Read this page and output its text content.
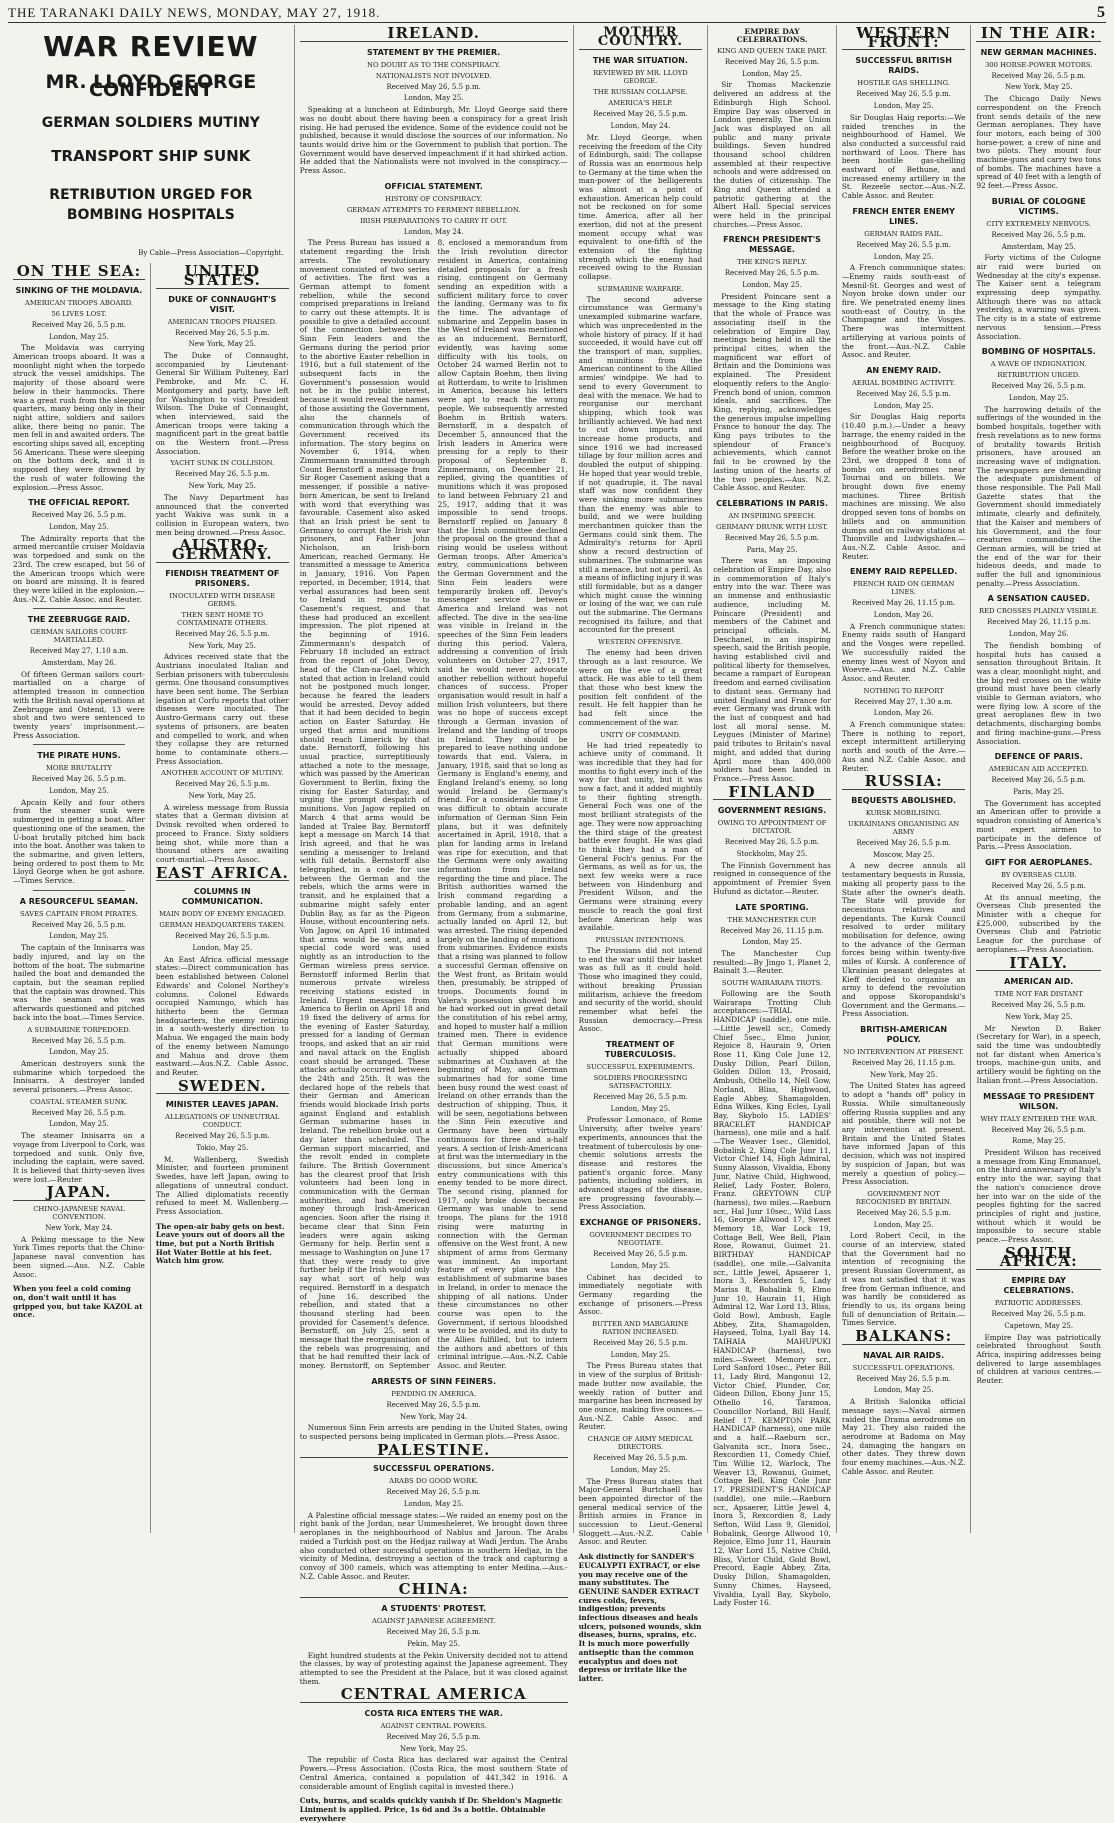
THE TARANAKI DAILY NEWS, MONDAY, MAY 27, 1918.	5
WAR REVIEW
MR. LLOYD GEORGE CONFIDENT
GERMAN SOLDIERS MUTINY
TRANSPORT SHIP SUNK
RETRIBUTION URGED FOR BOMBING HOSPITALS
By Cable—Press Association—Copyright.
ON THE SEA:
SINKING OF THE MOLDAVIA.
AMERICAN TROOPS ABOARD.
56 LIVES LOST.
Received May 26, 5.5 p.m.
London, May 25.

The Moldavia was carrying American troops aboard. It was a moonlight night when the torpedo struck the vessel amidships. The majority of those aboard were below in their hammocks. There was a great rush from the sleeping quarters, many being only in their night attire, soldiers and sailors alike, there being no panic. The men fell in and awaited orders. The escorting ships saved all, excepting 56 Americans. These were sleeping on the bottom deck, and it is supposed they were drowned by the rush of water following the explosion.—Press Assoc.

THE OFFICIAL REPORT.
Received May 26, 5.5 p.m.
London, May 25.

The Admiralty reports that the armed mercantile cruiser Moldavia was torpedoed and sunk on the 23rd. The crew escaped, but 56 of the American troops which were on board are missing. It is feared they were killed in the explosion.—Aus.-N.Z. Cable Assoc. and Reuter.

THE ZEEBRUGGE RAID.
GERMAN SAILORS COURT-MARTIALLED.
Received May 27, 1.10 a.m.
Amsterdam, May 26.

Of fifteen German sailors court-martialled on a charge of attempted treason in connection with the British naval operations at Zeebrugge and Ostend, 13 were shot and two were sentenced to twenty years' imprisonment.—Press Association.

THE PIRATE HUNS.
MORE BRUTALITY
Received May 26, 5.5 p.m.
London, May 25.

Apcain Kelly and four others from the steamer sunk were submerged in getting a boat. After questioning one of the seamen, the U-boat brutally pitched him back into the boat. Another was taken to the submarine, and given letters, being ordered to post them to Mr. Lloyd George when he got ashore.—Times Service.

A RESOURCEFUL SEAMAN.
SAVES CAPTAIN FROM PIRATES.
Received May 26, 5.5 p.m.
London, May 25.

The captain of the Innisarra was badly injured, and lay on the bottom of the boat. The submarine hailed the boat and demanded the captain, but the seaman replied that the captain was drowned. This was the seaman who was afterwards questioned and pitched back into the boat.—Times Service.

A SUBMARINE TORPEDOED.
Received May 26, 5.5 p.m.
London, May 25.

American destroyers sunk the submarine which torpedoed the Innisarra. A destroyer landed several prisoners.—Press Assoc.

COASTAL STEAMER SUNK.
Received May 26, 5.5 p.m.
London, May 25.

The steamer Innisarra on a voyage from Liverpool to Cork, was torpedoed and sunk. Only five, including the captain, were saved. It is believed that thirty-seven lives were lost.—Reuter

JAPAN.
CHINO-JAPANESE NAVAL CONVENTION.
New York, May 24.

A Peking message to the New York Times reports that the Chino-Japanese naval convention has been signed.—Aus. N.Z. Cable Assoc.

When you feel a cold coming on, don't wait until it has gripped you, but take KAZOL at once.
UNITED STATES.
DUKE OF CONNAUGHT'S VISIT.
AMERICAN TROOPS PRAISED.
Received May 26, 5.5 p.m.
New York, May 25.

The Duke of Connaught, accompanied by Lieutenant-General Sir William Pulteney, Earl Pembroke, and Mr. C. H. Montgomery and party, have left for Washington to visit President Wilson. The Duke of Connaught, when interviewed, said the American troops were taking a magnificent part in the great battle on the Western front.—Press Association.

YACHT SUNK IN COLLISION.
Received May 26, 5.5 p.m.
New York, May 25.

The Navy Department has announced that the converted yacht Wakiva was sunk in a collision in European waters, two men being drowned.—Press Assoc.

AUSTRO-GERMANY.
FIENDISH TREATMENT OF PRISONERS.
INOCULATED WITH DISEASE GERMS.
THEN SENT HOME TO CONTAMINATE OTHERS.
Received May 26, 5.5 p.m.
New York, May 25.

Advices received state that the Austrians inoculated Italian and Serbian prisoners with tuberculosis germs. One thousand consumptives have been sent home. The Serbian legation at Corfu reports that other diseases were inoculated. The Austro-Germans carry out these systems of prisoners, are beaten and compelled to work, and when they collapse they are returned home to contaminate others.—Press Association.

ANOTHER ACCOUNT OF MUTINY.
Received May 26, 5.5 p.m.
New York, May 25.

A wireless message from Russia states that a German division at Dvinsk revolted when ordered to proceed to France. Sixty soldiers being shot, while more than a thousand others are awaiting court-martial.—Press Assoc.

EAST AFRICA.
COLUMNS IN COMMUNICATION.
MAIN BODY OF ENEMY ENGAGED.
GERMAN HEADQUARTERS TAKEN.
Received May 26, 5.5 p.m.
London, May 25.

An East Africa official message states:—Direct communication has been established between Colonel Edwards' and Colonel Northey's columns. Colonel Edwards occupied Namungo, which has hitherto been the German headquarters, the enemy retiring in a south-westerly direction to Mahua. We engaged the main body of the enemy between Namungo and Mahua and drove them eastward.—Aus.N.Z. Cable Assoc. and Reuter.

SWEDEN.
MINISTER LEAVES JAPAN.
ALLEGATIONS OF UNNEUTRAL CONDUCT.
Received May 26, 5.5 p.m.
Tokio, May 25.

M. Wallenberg, Swedish Minister, and fourteen prominent Swedes, have left Japan, owing to allegations of unneutral conduct. The Allied diplomatists recently refused to meet M. Wallenberg.—Press Association.

The open-air baby gets on best. Leave yours out of doors all the time, but put a North British Hot Water Bottle at his feet. Watch him grow.
IRELAND.
STATEMENT BY THE PREMIER.
NO DOUBT AS TO THE CONSPIRACY.
NATIONALISTS NOT INVOLVED.
Received May 26, 5.5 p.m.
London, May 25.

Speaking at a luncheon at Edinburgh, Mr. Lloyd George said there was no doubt about there having been a conspiracy for a great Irish rising. He had perused the evidence. Some of the evidence could not be published, because it would disclose the sources of our information. No taunts would drive him or the Government to publish that portion. The Government would have deserved impeachment if it had shirked action. He added that the Nationalists were not involved in the conspiracy.—Press Assoc.

OFFICIAL STATEMENT.
HISTORY OF CONSPIRACY.
GERMAN ATTEMPTS TO FERMENT REBELLION.
IRISH PREPARATIONS TO CARRY IT OUT.
London, May 24.

The Press Bureau has issued a statement regarding the Irish arrests. The revolutionary movement consisted of two series of activities. The first was a German attempt to foment rebellion, while the second comprised preparations in Ireland to carry out these attempts. It is possible to give a detailed account of the connection between the Sinn Fein leaders and the Germans during the period prior to the abortive Easter rebellion in 1916, but a full statement of the subsequent facts in the Government's possession would not be in the public interest, because it would reveal the names of those assisting the Government, also the channels of communication through which the Government received its information. The story begins on November 6, 1914, when Zimmermann transmitted through Count Bernstorff a message from Sir Roger Casement asking that a messenger, if possible a native-born American, be sent to Ireland with word that everything was favourable. Casement also asked that an Irish priest be sent to Germany to corrupt the Irish war prisoners, and Father John Nicholson, an Irish-born American, reached Germany. He transmitted a message to America in January, 1916. Von Papen reported, in December, 1914, that verbal assurances had been sent to Ireland in response to Casement's request, and that these had produced an excellent impression. The plot ripened at the beginning of 1916. Zimmermann's despatch of February 18 included an extract from the report of John Devoy, head of the Clan-na-Gael, which stated that action in Ireland could not be postponed much longer, because he feared the leaders would be arrested. Devoy added that it had been decided to begin action on Easter Saturday. He urged that arms and munitions should reach Limerick by that date. Bernstorff, following his usual practice, surreptitiously attached a note to the message, which was passed by the American Government to Berlin, fixing the rising for Easter Saturday, and urging the prompt despatch of munitions. Von Jagow replied on March 4 that arms would be landed at Tralee Bay. Bernstorff kept a message on March 14 that Irish agreed, and that he was sending a messenger to Ireland with full details. Bernstorff also telegraphed, in a code for use between the German and the rebels, which the arms were in transit, and he explained that a submarine might safely enter Dublin Bay, as far as the Pigeon House, without encountering nets. Von Jagow, on April 16 intimated that arms would be sent, and a special code word was used nightly as an introduction to the German wireless press service. Bernstorff informed Berlin that numerous private wireless receiving stations existed in Ireland. Urgent messages from America to Berlin on April 18 and 19 fixed the delivery of arms for the evening of Easter Saturday, pressed for a landing of German troops, and asked that an air raid and naval attack on the English coast should be arranged. These attacks actually occurred between the 24th and 25th. It was the declared hope of the rebels that their German and American friends would blockade Irish ports against England and establish German submarine bases in Ireland. The rebellion broke out a day later than scheduled. The German support miscarried, and the revolt ended in complete failure. The British Government has the clearest proof that Irish volunteers had been long in communication with the German authorities, and had received money through Irish-American agencies. Soon after the rising it became clear that Sinn Fein leaders were again asking Germany for help. Berlin sent a message to Washington on June 17 that they were ready to give further help if the Irish would only say what sort of help was required. Bernstorff in a despatch of June 16, described the rebellion, and stated that a thousand sterling had been provided for Casement's defence. Bernstorff, on July 25, sent a message that the reorganisation of the rebels was progressing, and that he had remitted their lack of money. Bernstorff, on September 8, enclosed a memorandum from the Irish revolution director resident in America, containing detailed proposals for a fresh rising, contingent on Germany sending an expedition with a sufficient military force to cover the landing. Germany was to fix the time. The advantage of submarine and Zeppelin bases in the West of Ireland was mentioned as an inducement. Bernstorff, evidently, was having some difficulty with his tools, on October 24 warned Berlin not to allow Captain Boehm, then living at Rotterdam, to write to Irishmen in America, because his letters were apt to reach the wrong people. We subsequently arrested Boehm in British waters. Bernstorff, in a despatch of December 5, announced that the Irish leaders in America were pressing for a reply to their proposal of September 8. Zimmermann, on December 21, replied, giving the quantities of munitions which it was proposed to land between February 21 and 25, 1917, adding that it was impossible to send troops. Bernstorff replied on January 8 that the Irish committee declined the proposal on the ground that a rising would be useless without German troops. After America's entry, communications between the German Government and the Sinn Fein leaders were temporarily broken off. Devoy's messenger service between America and Ireland was not affected. The dive in the sea-line was visible in Ireland in the speeches of the Sinn Fein leaders during this period. Valera, addressing a convention of Irish volunteers on October 27, 1917, said he would never advocate another rebellion without hopeful chances of success. Proper organisation would result in half a million Irish volunteers, but there was no hope of success except through a German invasion of Ireland and the landing of troops in Ireland. They should be prepared to leave nothing undone towards that end. Valera, in January, 1918, said that so long as Germany is England's enemy, and England Ireland's enemy, so long would Ireland be Germany's friend. For a considerable time it was difficult to obtain accurate information of German Sinn Fein plans, but it was definitely ascertained in April, 1918, that a plan for landing arms in Ireland was ripe for execution, and that the Germans were only awaiting information from Ireland regarding the time and place. The British authorities warned the Irish command regarding a probable landing, and an agent from Germany, from a submarine, actually landed on April 12, but was arrested. The rising depended largely on the landing of munitions from submarines. Evidence exists that a rising was planned to follow a successful German offensive on the West front, as Britain would then, presumably, be stripped of troops. Documents found in Valera's possession showed how he had worked out in great detail the constitution of his rebel army, and hoped to muster half a million trained men. There is evidence that German munitions were actually shipped aboard submarines at Cuxhaven at the beginning of May, and German submarines had for some time been busy round the west coast of Ireland on other errands than the destruction of shipping. Thus, it will be seen, negotiations between the Sinn Fein executive and Germany have been virtually continuous for three and a-half years. A section of Irish-Americans at first was the intermediary in the discussions, but since America's entry communications with this enemy tended to be more direct. The second rising, planned for 1917, only broke down because Germany was unable to send troops. The plans for the 1918 rising were maturing in connection with the German offensive on the West front. A new shipment of arms from Germany was imminent. An important feature of every plan was the establishment of submarine bases in Ireland, in order to menace the shipping of all nations. Under these circumstances no other course was open to the Government, if serious bloodshed were to be avoided, and its duty to the Allies fulfilled, but to intern the authors and abettors of this criminal intrigue.—Aus.-N.Z. Cable Assoc. and Reuter.

ARRESTS OF SINN FEINERS.
PENDING IN AMERICA.
Received May 26, 5.5 p.m.
New York, May 24.

Numerous Sinn Fein arrests are pending in the United States, owing to suspected persons being implicated in German plots.—Press Assoc.

PALESTINE.
SUCCESSFUL OPERATIONS.
ARABS DO GOOD WORK.
Received May 26, 5.5 p.m.
London, May 25.

A Palestine official message states:—We raided an enemy post on the right bank of the Jordan, near Ummesheleret. We brought down three aeroplanes in the neighbourhood of Nablus and Jaroun. The Arabs raided a Turkish post on the Hedjaz railway at Wadi Jerdun. The Arabs also conducted other successful operations in southern Hedjaz, in the vicinity of Medina, destroying a section of the track and capturing a convoy of 300 camels, which was attempting to enter Medina.—Aus.-N.Z. Cable Assoc. and Reuter.

CHINA:
A STUDENTS' PROTEST.
AGAINST JAPANESE AGREEMENT.
Received May 26, 5.5 p.m.
Pekin, May 25.

Eight hundred students at the Pekin University decided not to attend the classes, by way of protesting against the Japanese agreement. They attempted to see the President at the Palace, but it was closed against them.

CENTRAL AMERICA
COSTA RICA ENTERS THE WAR.
AGAINST CENTRAL POWERS.
Received May 26, 5.5 p.m.
New York, May 25.

The republic of Costa Rica has declared war against the Central Powers.—Press Association. (Costa Rica, the most southern State of Central America, contained a population of 441,342 in 1916. A considerable amount of English capital is invested there.)

Cuts, burns, and scalds quickly vanish if Dr. Sheldon's Magnetic Liniment is applied. Price, 1s 6d and 3s a bottle. Obtainable everywhere
MOTHER COUNTRY.
THE WAR SITUATION.
REVIEWED BY MR. LLOYD GEORGE.
THE RUSSIAN COLLAPSE.
AMERICA'S HELP.
Received May 26, 5.5 p.m.
London, May 24.

Mr. Lloyd George, when receiving the freedom of the City of Edinburgh, said: The collapse of Russia was an enormous help to Germany at the time when the man-power of the belligerents was almost at a point of exhaustion. American help could not be reckoned on for some time. America, after all her exertion, did not at the present moment occupy what was equivalent to one-fifth of the extension of the fighting strength which the enemy had received owing to the Russian collapse.

SUBMARINE WARFARE.

The second adverse circumstance was Germany's unexampled submarine warfare, which was unprecedented in the whole history of piracy. If it had succeeded, it would have cut off the transport of man, supplies, and munitions from the American continent to the Allied armies' windpipe. We had to send to every Government to deal with the menace. We had to reorganise our merchant shipping, which took was brilliantly achieved. We had next to cut down imports and increase home products, and since 1916 we had increased tillage by four million acres and doubled the output of shipping. He hoped that year would treble, if not quadruple, it. The naval staff was now confident they were sinking more submarines than the enemy was able to build, and we were building merchantmen quicker than the Germans could sink them. The Admiralty's returns for April show a record destruction of submarines. The submarine was still a menace, but not a peril. As a means of inflicting injury it was still formidable, but as a danger which might cause the winning or losing of the war, we can rule out the submarine. The Germans recognised its failure, and that accounted for the present

WESTERN OFFENSIVE.

The enemy had been driven through as a last resource. We were on the eve of a great attack. He was able to tell them that those who best knew the position felt confident of the result. He felt happier than he had felt since the commencement of the war.

UNITY OF COMMAND.

He had tried repeatedly to achieve unity of command. It was incredible that they had for months to fight every inch of the way for that unity, but it was now a fact, and it added mightily to their fighting strength. General Foch was one of the most brilliant strategists of the age. They were now approaching the third stage of the greatest battle ever fought. He was glad to think they had a man of General Foch's genius. For the Germans, as well as for us, the next few weeks were a race between von Hindenburg and President Wilson, and the Germans were straining every muscle to reach the goal first before American help was available.

PRUSSIAN INTENTIONS.

The Prussians did not intend to end the war until their basket was as full as it could hold. Those who imagined they could, without breaking Prussian militarism, achieve the freedom and security of the world, should remember what befel the Russian democracy.—Press Assoc.

TREATMENT OF TUBERCULOSIS.
SUCCESSFUL EXPERIMENTS.
SOLDIERS PROGRESSING SATISFACTORILY.
Received May 26, 5.5 p.m.
London, May 25.

Professor Lomonaco, of Rome University, after twelve years' experiments, announces that the treatment of tuberculosis by one-chemic solutions arrests the disease and restores the patient's organic force. Many patients, including soldiers, in advanced stages of the disease, are progressing favourably.—Press Association.

EXCHANGE OF PRISONERS.
GOVERNMENT DECIDES TO NEGOTIATE.
Received May 26, 5.5 p.m.
London, May 25.

Cabinet has decided to immediately negotiate with Germany regarding the exchange of prisoners.—Press Assoc.

BUTTER AND MARGARINE RATION INCREASED.
Received May 26, 5.5 p.m.
London, May 25.

The Press Bureau states that in view of the surplus of British-made butter now available, the weekly ration of butter and margarine has been increased by one ounce, making five ounces.—Aus.-N.Z. Cable Assoc. and Reuter.

CHANGE OF ARMY MEDICAL DIRECTORS.
Received May 26, 5.5 p.m.
London, May 25.

The Press Bureau states that Major-General Burtchaell has been appointed director of the general medical service of the British armies in France in succession to Lieut.-General Sloggett.—Aus.-N.Z. Cable Assoc. and Reuter.

Ask distinctly for SANDER'S EUCALYPTI EXTRACT, or else you may receive one of the many substitutes. The GENUINE SANDER EXTRACT cures colds, fevers, indigestion; prevents infectious diseases and heals ulcers, poisoned wounds, skin diseases, burns, sprains, etc. It is much more powerfully antiseptic than the common eucalyptus and does not depress or irritate like the latter.
EMPIRE DAY CELEBRATIONS.
KING AND QUEEN TAKE PART.
Received May 26, 5.5 p.m.
London, May 25.

Sir Thomas Mackenzie delivered an address at the Edinburgh High School. Empire Day was observed in London generally. The Union Jack was displayed on all public and many private buildings. Seven hundred thousand school children assembled at their respective schools and were addressed on the duties of citizenship. The King and Queen attended a patriotic gathering at the Albert Hall. Special services were held in the principal churches.—Press Assoc.

FRENCH PRESIDENT'S MESSAGE.
THE KING'S REPLY.
Received May 26, 5.5 p.m.
London, May 25.

President Poincare sent a message to the King stating that the whole of France was associating itself in the celebration of Empire Day, meetings being held in all the principal cities, when the magnificent war effort of Britain and the Dominions was explained. The President eloquently refers to the Anglo-French bond of union, common ideals, and sacrifices. The King, replying, acknowledges the generous impulse impelling France to honour the day. The King pays tributes to the splendour of France's achievements, which cannot fail to be crowned by the lasting union of the hearts of the two peoples.—Aus. N.Z. Cable Assoc. and Reuter.

CELEBRATIONS IN PARIS.
AN INSPIRING SPEECH.
GERMANY DRUNK WITH LUST.
Received May 26, 5.5 p.m.
Paris, May 25.

There was an imposing celebration of Empire Day, also in commemoration of Italy's entry into the war. There was an immense and enthusiastic audience, including M. Poincare (President) and members of the Cabinet and principal officials. M. Deschanel, in an inspiring speech, said the British people, having established civil and political liberty for themselves, became a rampart of European freedom and earned civilisation to distant seas. Germany had united England and France for ever. Germany was drunk with the lust of conquest and had lost all moral sense. M. Leygues (Minister of Marine) paid tributes to Britain's naval might, and added that during April more than 400,000 soldiers had been landed in France.—Press Assoc.

FINLAND
GOVERNMENT RESIGNS.
OWING TO APPOINTMENT OF DICTATOR.
Received May 26, 5.5 p.m.
Stockholm, May 25.

The Finnish Government has resigned in consequence of the appointment of Premier Sven Hufund as dictator.—Reuter.

LATE SPORTING.
THE MANCHESTER CUP.
Received May 26, 11.15 p.m.
London, May 25.

The Manchester Cup resulted:—By Jingo 1, Planet 2, Rainalt 3.—Reuter.

SOUTH WAIRARAPA TROTS.

Following are the South Wairarapa Trotting Club acceptances:—TRIAL HANDICAP (saddle), one mile.—Little Jewell scr., Comedy Chief 5sec., Elmo Junior, Rejoice 8, Haurain 9, Orien Rose 11, King Cole June 12, Dusky Dillon, Pearl Dillon, Golden Dillon 13, Prosaid, Ambush, Othello 14, Nell Gow, Norland, Bliss, Highwood, Eagle Abbey, Shamagolden, Edna Wilkes, King Ecles, Lyall Bay, Skybolo 15. LADIES' BRACELET HANDICAP (harness), one mile and a half.—The Weaver 1sec., Glenidol, Bobalink 2, King Cole Junr 11, Victor Chief 14, High Admiral, Sunny Alasson, Vivaldia, Ebony Junr, Native Child, Highwood, Relief, Lady Foster, Bolero, Franz. GREYTOWN CUP (harness), two miles.—Raeburn scr., Hal Junr 10sec., Wild Lass 16, George Allwood 17, Sweet Memory 18, War Lock 19, Cottage Bell, Wee Bell, Plain Rose, Rowanui, Guimet 21. BIRTHDAY HANDICAP (saddle), one mile.—Galvanita scr., Little Jewel, Apsaerer 1, Inora 3, Rexcorden 5, Lady Mariss 8, Bobalink 9, Elmo Junr 10, Haurain 11, High Admiral 12, War Lord 13, Bliss, Gold Bowl, Ambush, Eagle Abbey, Zita, Shamagolden, Hayseed, Tolna, Lyall Bay 14. TAIHAIA MAHUPUKI HANDICAP (harness), two miles.—Sweet Memory scr., Lord Sanford 10sec., Peter Bill 11, Lady Bird, Mangonui 12, Victor Chief, Plunder, Cor, Gideon Dillon, Ebony Junr 15, Othello 16, Taramoa, Councillor Norland, Bill Haulf, Relief 17. KEMPTON PARK HANDICAP (harness), one mile and a half.—Raeburn scr., Galvanita scr., Inora 5sec., Rexcordien 11, Comedy Chief, Tim Willie 12, Warlock, The Weaver 13, Rowanui, Guimet, Cottage Bell, King Cole Junr 17. PRESIDENT'S HANDICAP (saddle), one mile.—Raeburn scr., Apsaerer, Little Jewel 4, Inora 5, Rexcordien 8, Lady Sefton, Wild Lass 9, Glenidol, Bobalink, George Allwood 10, Rejoice, Elmo Junr 11, Haurain 12, War Lord 15, Native Child, Bliss, Victor Child, Gold Bowl, Precord, Eagle Abbey, Zita, Dusky Dillon, Shamagolden, Sunny Chimes, Hayseed, Vivaldia, Lyall Bay, Skybolo, Lady Foster 16.

WESTERN FRONT:
SUCCESSFUL BRITISH RAIDS.
HOSTILE GAS SHELLING.
Received May 26, 5.5 p.m.
London, May 25.

Sir Douglas Haig reports:—We raided trenches in the neighbourhood of Hamel. We also conducted a successful raid northward of Loos. There has been hostile gas-shelling eastward of Bethune, and increased enemy artillery in the St. Rezeele sector.—Aus.-N.Z. Cable Assoc. and Reuter.

FRENCH ENTER ENEMY LINES.
GERMAN RAIDS FAIL.
Received May 26, 5.5 p.m.
London, May 25.

A French communique states:—Enemy raids south-east of Mesnil-St. Georges and west of Noyon broke down under our fire. We penetrated enemy lines south-east of Coutry, in the Champagne and the Vosges. There was intermittent artillerying at various points of the front.—Aus.-N.Z. Cable Assoc. and Reuter.

AN ENEMY RAID.
AERIAL BOMBING ACTIVITY.
Received May 26, 5.5 p.m.
London, May 25.

Sir Douglas Haig reports (10.40 p.m.).—Under a heavy barrage, the enemy raided in the neighbourhood of Bucquoy. Before the weather broke on the 23rd, we dropped 8 tons of bombs on aerodromes near Tournai and on billets. We brought down five enemy machines. Three British machines are missing. We also dropped seven tons of bombs on billets and on ammunition dumps and on railway stations at Thionville and Ludwigshafen.—Aus.-N.Z. Cable Assoc. and Reuter.

ENEMY RAID REPELLED.
FRENCH RAID ON GERMAN LINES.
Received May 26, 11.15 p.m.
London, May 26.

A French communique states: Enemy raids south of Hangard and the Vosges were repelled. We successfully raided the enemy lines west of Noyon and Woevre.—Aus. and N.Z. Cable Assoc. and Reuter.

NOTHING TO REPORT
Received May 27, 1.30 a.m.
London, May 26.

A French communique states: There is nothing to report, except intermittent artillerying north and south of the Avre.—Aus and N.Z. Cable Assoc. and Reuter.

RUSSIA:
BEQUESTS ABOLISHED.
KURSK MOBILISING.
UKRAINIANS ORGANISING AN ARMY
Received May 26, 5.5 p.m.
Moscow, May 25.

A new decree annuls all testamentary bequests in Russia, making all property pass to the State after the owner's death. The State will provide for necessitous relatives and dependants. The Kursk Council resolved to order military mobilisation for defence, owing to the advance of the German forces being within twenty-five miles of Kursk. A conference of Ukrainian peasant delegates at Kieff decided to organise an army to defend the revolution and oppose Skoropandski's Government and the Germans.—Press Association.

BRITISH-AMERICAN POLICY.
NO INTERVENTION AT PRESENT.
Received May 26, 11.15 p.m.
New York, May 25.

The United States has agreed to adopt a "hands off" policy in Russia. While simultaneously offering Russia supplies and any aid possible, there will not be any intervention at present. Britain and the United States have informed Japan of this decision, which was not inspired by suspicion of Japan, but was merely a question of policy.—Press Association.

GOVERNMENT NOT RECOGNISED BY BRITAIN.
Received May 26, 5.5 p.m.
London, May 25.

Lord Robert Cecil, in the course of an interview, stated that the Government had no intention of recognising the present Russian Government, as it was not satisfied that it was free from German influence, and was hardly be considered as friendly to us, its organs being full of denunciation of Britain.—Times Service.

BALKANS:
NAVAL AIR RAIDS.
SUCCESSFUL OPERATIONS.
Received May 26, 5.5 p.m.
London, May 25.

A British Salonika official message says:—Naval airmen raided the Drama aerodrome on May 21. They also raided the aerodrome at Badoma on May 24, damaging the hangars on other dates. They threw down four enemy machines.—Aus.-N.Z. Cable Assoc. and Reuter.

IN THE AIR:
NEW GERMAN MACHINES.
300 HORSE-POWER MOTORS.
Received May 26, 5.5 p.m.
New York, May 25.

The Chicago Daily News correspondent on the French front sends details of the new German aeroplanes. They have four motors, each being of 300 horse-power, a crew of nine and two pilots. They mount four machine-guns and carry two tons of bombs. The machines have a spread of 40 feet with a length of 92 feet.—Press Assoc.

BURIAL OF COLOGNE VICTIMS.
CITY EXTREMELY NERVOUS.
Received May 26, 5.5 p.m.
Amsterdam, May 25.

Forty victims of the Cologne air raid were buried on Wednesday at the city's expense. The Kaiser sent a telegram expressing deep sympathy. Although there was no attack yesterday, a warning was given. The city is in a state of extreme nervous tension.—Press Association.

BOMBING OF HOSPITALS.
A WAVE OF INDIGNATION.
RETRIBUTION URGED.
Received May 26, 5.5 p.m.
London, May 25.

The harrowing details of the sufferings of the wounded in the bombed hospitals, together with fresh revelations as to new forms of brutality towards British prisoners, have aroused an increasing wave of indignation. The newspapers are demanding the adequate punishment of those responsible. The Pall Mall Gazette states that the Government should immediately intimate, clearly and definitely, that the Kaiser and members of his Government, and the four creatures commanding the German armies, will be tried at the end of the war for their hideous deeds, and made to suffer the full and ignominious penalty.—Press Association.

A SENSATION CAUSED.
RED CROSSES PLAINLY VISIBLE.
Received May 26, 11.15 p.m.
London, May 26.

The fiendish bombing of hospital huts has caused a sensation throughout Britain. It was a clear, moonlight night, and the big red crosses on the white ground must have been clearly visible to German aviators, who were flying low. A score of the great aeroplanes flew in two detachments, discharging bombs and firing machine-guns.—Press Association.

DEFENCE OF PARIS.
AMERICAN AID ACCEPTED.
Received May 26, 5.5 p.m.
Paris, May 25.

The Government has accepted an American offer to provide a squadron consisting of America's most expert airmen to participate in the defence of Paris.—Press Association.

GIFT FOR AEROPLANES.
BY OVERSEAS CLUB.
Received May 26, 5.5 p.m.

At its annual meeting, the Overseas Club presented the Minister with a cheque for £25,000, subscribed by the Overseas Club and Patriotic League for the purchase of aeroplanes.—Press Association.

ITALY.
AMERICAN AID.
TIME NOT FAR DISTANT
Received May 26, 5.5 p.m.
New York, May 25.

Mr Newton D. Baker (Secretary for War), in a speech, said the time was undoubtedly not far distant when America's troops, machine-gun units, and artillery would be fighting on the Italian front.—Press Association.

MESSAGE TO PRESIDENT WILSON.
WHY ITALY ENTERED THE WAR.
Received May 26, 5.5 p.m.
Rome, May 25.

President Wilson has received a message from King Emmanuel, on the third anniversary of Italy's entry into the war, saying that the nation's conscience drove her into war on the side of the peoples fighting for the sacred principles of right and justice, without which it would be impossible to secure stable peace.—Press Assoc.

SOUTH AFRICA:
EMPIRE DAY CELEBRATIONS.
PATRIOTIC ADDRESSES.
Received May 26, 5.5 p.m.
Capetown, May 25.

Empire Day was patriotically celebrated throughout South Africa, inspiring addresses being delivered to large assemblages of children at various centres.—Reuter.
